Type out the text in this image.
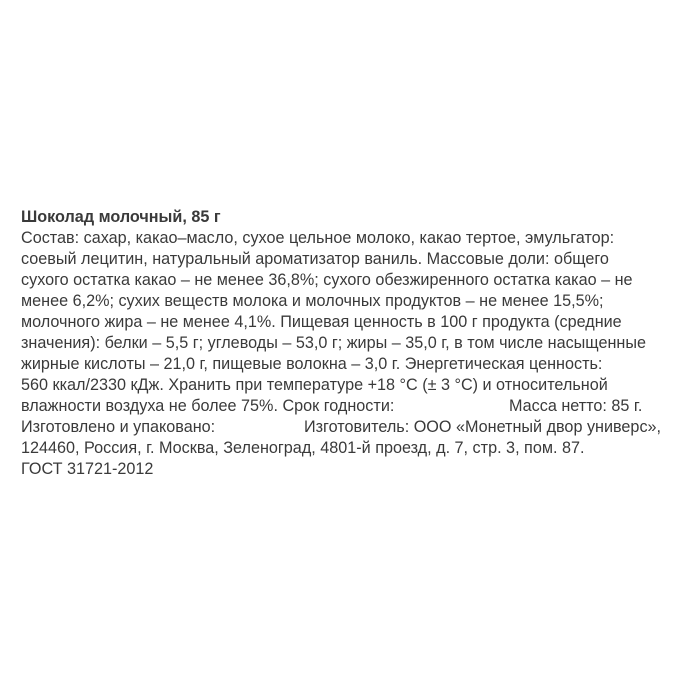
Шоколад молочный, 85 г
Состав: сахар, какао–масло, сухое цельное молоко, какао тертое, эмульгатор:
соевый лецитин, натуральный ароматизатор ваниль. Массовые доли: общего
сухого остатка какао – не менее 36,8%; сухого обезжиренного остатка какао – не
менее 6,2%; сухих веществ молока и молочных продуктов – не менее 15,5%;
молочного жира – не менее 4,1%. Пищевая ценность в 100 г продукта (средние
значения): белки – 5,5 г; углеводы – 53,0 г; жиры – 35,0 г, в том числе насыщенные
жирные кислоты – 21,0 г, пищевые волокна – 3,0 г. Энергетическая ценность:
560 ккал/2330 кДж. Хранить при температуре +18 °С (± 3 °С) и относительной
влажности воздуха не более 75%. Срок годности:	Масса нетто: 85 г.
Изготовлено и упаковано:	Изготовитель: ООО «Монетный двор универс»,
124460, Россия, г. Москва, Зеленоград, 4801-й проезд, д. 7, стр. 3, пом. 87.
ГОСТ 31721-2012
